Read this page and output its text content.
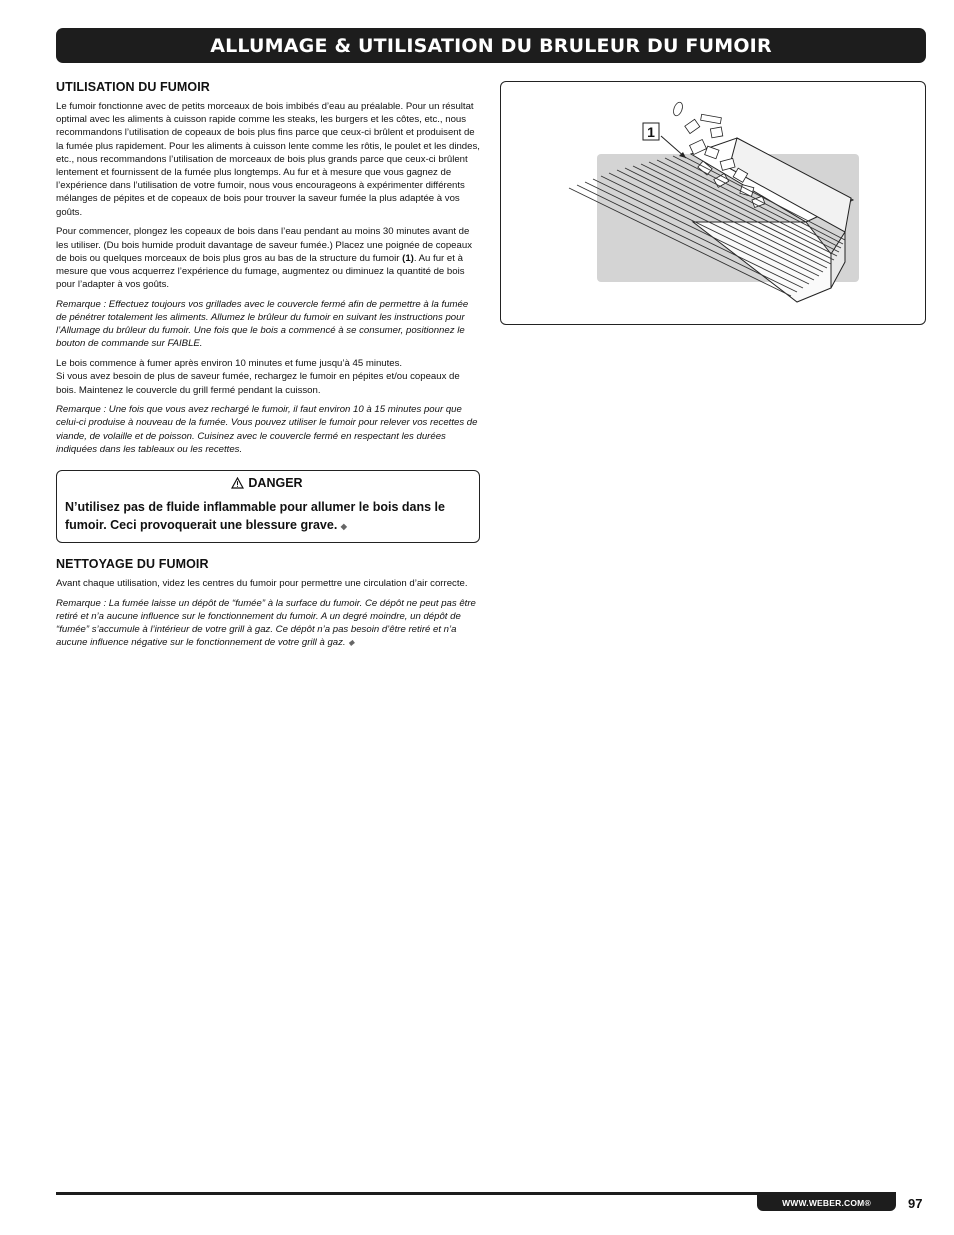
ALLUMAGE & UTILISATION DU BRULEUR DU FUMOIR
UTILISATION DU FUMOIR

Le fumoir fonctionne avec de petits morceaux de bois imbibés d’eau au préalable. Pour un résultat optimal avec les aliments à cuisson rapide comme les steaks, les burgers et les côtes, etc., nous recommandons l’utilisation de copeaux de bois plus fins parce que ceux-ci brûlent et produisent de la fumée plus rapidement. Pour les aliments à cuisson lente comme les rôtis, le poulet et les dindes, etc., nous recommandons l’utilisation de morceaux de bois plus grands parce que ceux-ci brûlent lentement et fournissent de la fumée plus longtemps. Au fur et à mesure que vous gagnez de l’expérience dans l’utilisation de votre fumoir, nous vous encourageons à expérimenter différents mélanges de pépites et de copeaux de bois pour trouver la saveur fumée la plus adaptée à vos goûts.

Pour commencer, plongez les copeaux de bois dans l’eau pendant au moins 30 minutes avant de les utiliser. (Du bois humide produit davantage de saveur fumée.) Placez une poignée de copeaux de bois ou quelques morceaux de bois plus gros au bas de la structure du fumoir (1). Au fur et à mesure que vous acquerrez l’expérience du fumage, augmentez ou diminuez la quantité de bois pour l’adapter à vos goûts.

Remarque : Effectuez toujours vos grillades avec le couvercle fermé afin de permettre à la fumée de pénétrer totalement les aliments. Allumez le brûleur du fumoir en suivant les instructions pour l’Allumage du brûleur du fumoir. Une fois que le bois a commencé à se consumer, positionnez le bouton de commande sur FAIBLE.

Le bois commence à fumer après environ 10 minutes et fume jusqu’à 45 minutes.
Si vous avez besoin de plus de saveur fumée, rechargez le fumoir en pépites et/ou copeaux de bois. Maintenez le couvercle du grill fermé pendant la cuisson.

Remarque : Une fois que vous avez rechargé le fumoir, il faut environ 10 à 15 minutes pour que celui-ci produise à nouveau de la fumée. Vous pouvez utiliser le fumoir pour relever vos recettes de viande, de volaille et de poisson. Cuisinez avec le couvercle fermé en respectant les durées indiquées dans les tableaux ou les recettes.

DANGER
N’utilisez pas de fluide inflammable pour allumer le bois dans le fumoir. Ceci provoquerait une blessure grave. ◆
NETTOYAGE DU FUMOIR

Avant chaque utilisation, videz les centres du fumoir pour permettre une circulation d’air correcte.

Remarque : La fumée laisse un dépôt de “fumée” à la surface du fumoir. Ce dépôt ne peut pas être retiré et n’a aucune influence sur le fonctionnement du fumoir. A un degré moindre, un dépôt de “fumée” s’accumule à l’intérieur de votre grill à gaz. Ce dépôt n’a pas besoin d’être retiré et n’a aucune influence négative sur le fonctionnement de votre grill à gaz. ◆

1
WWW.WEBER.COM®	97
